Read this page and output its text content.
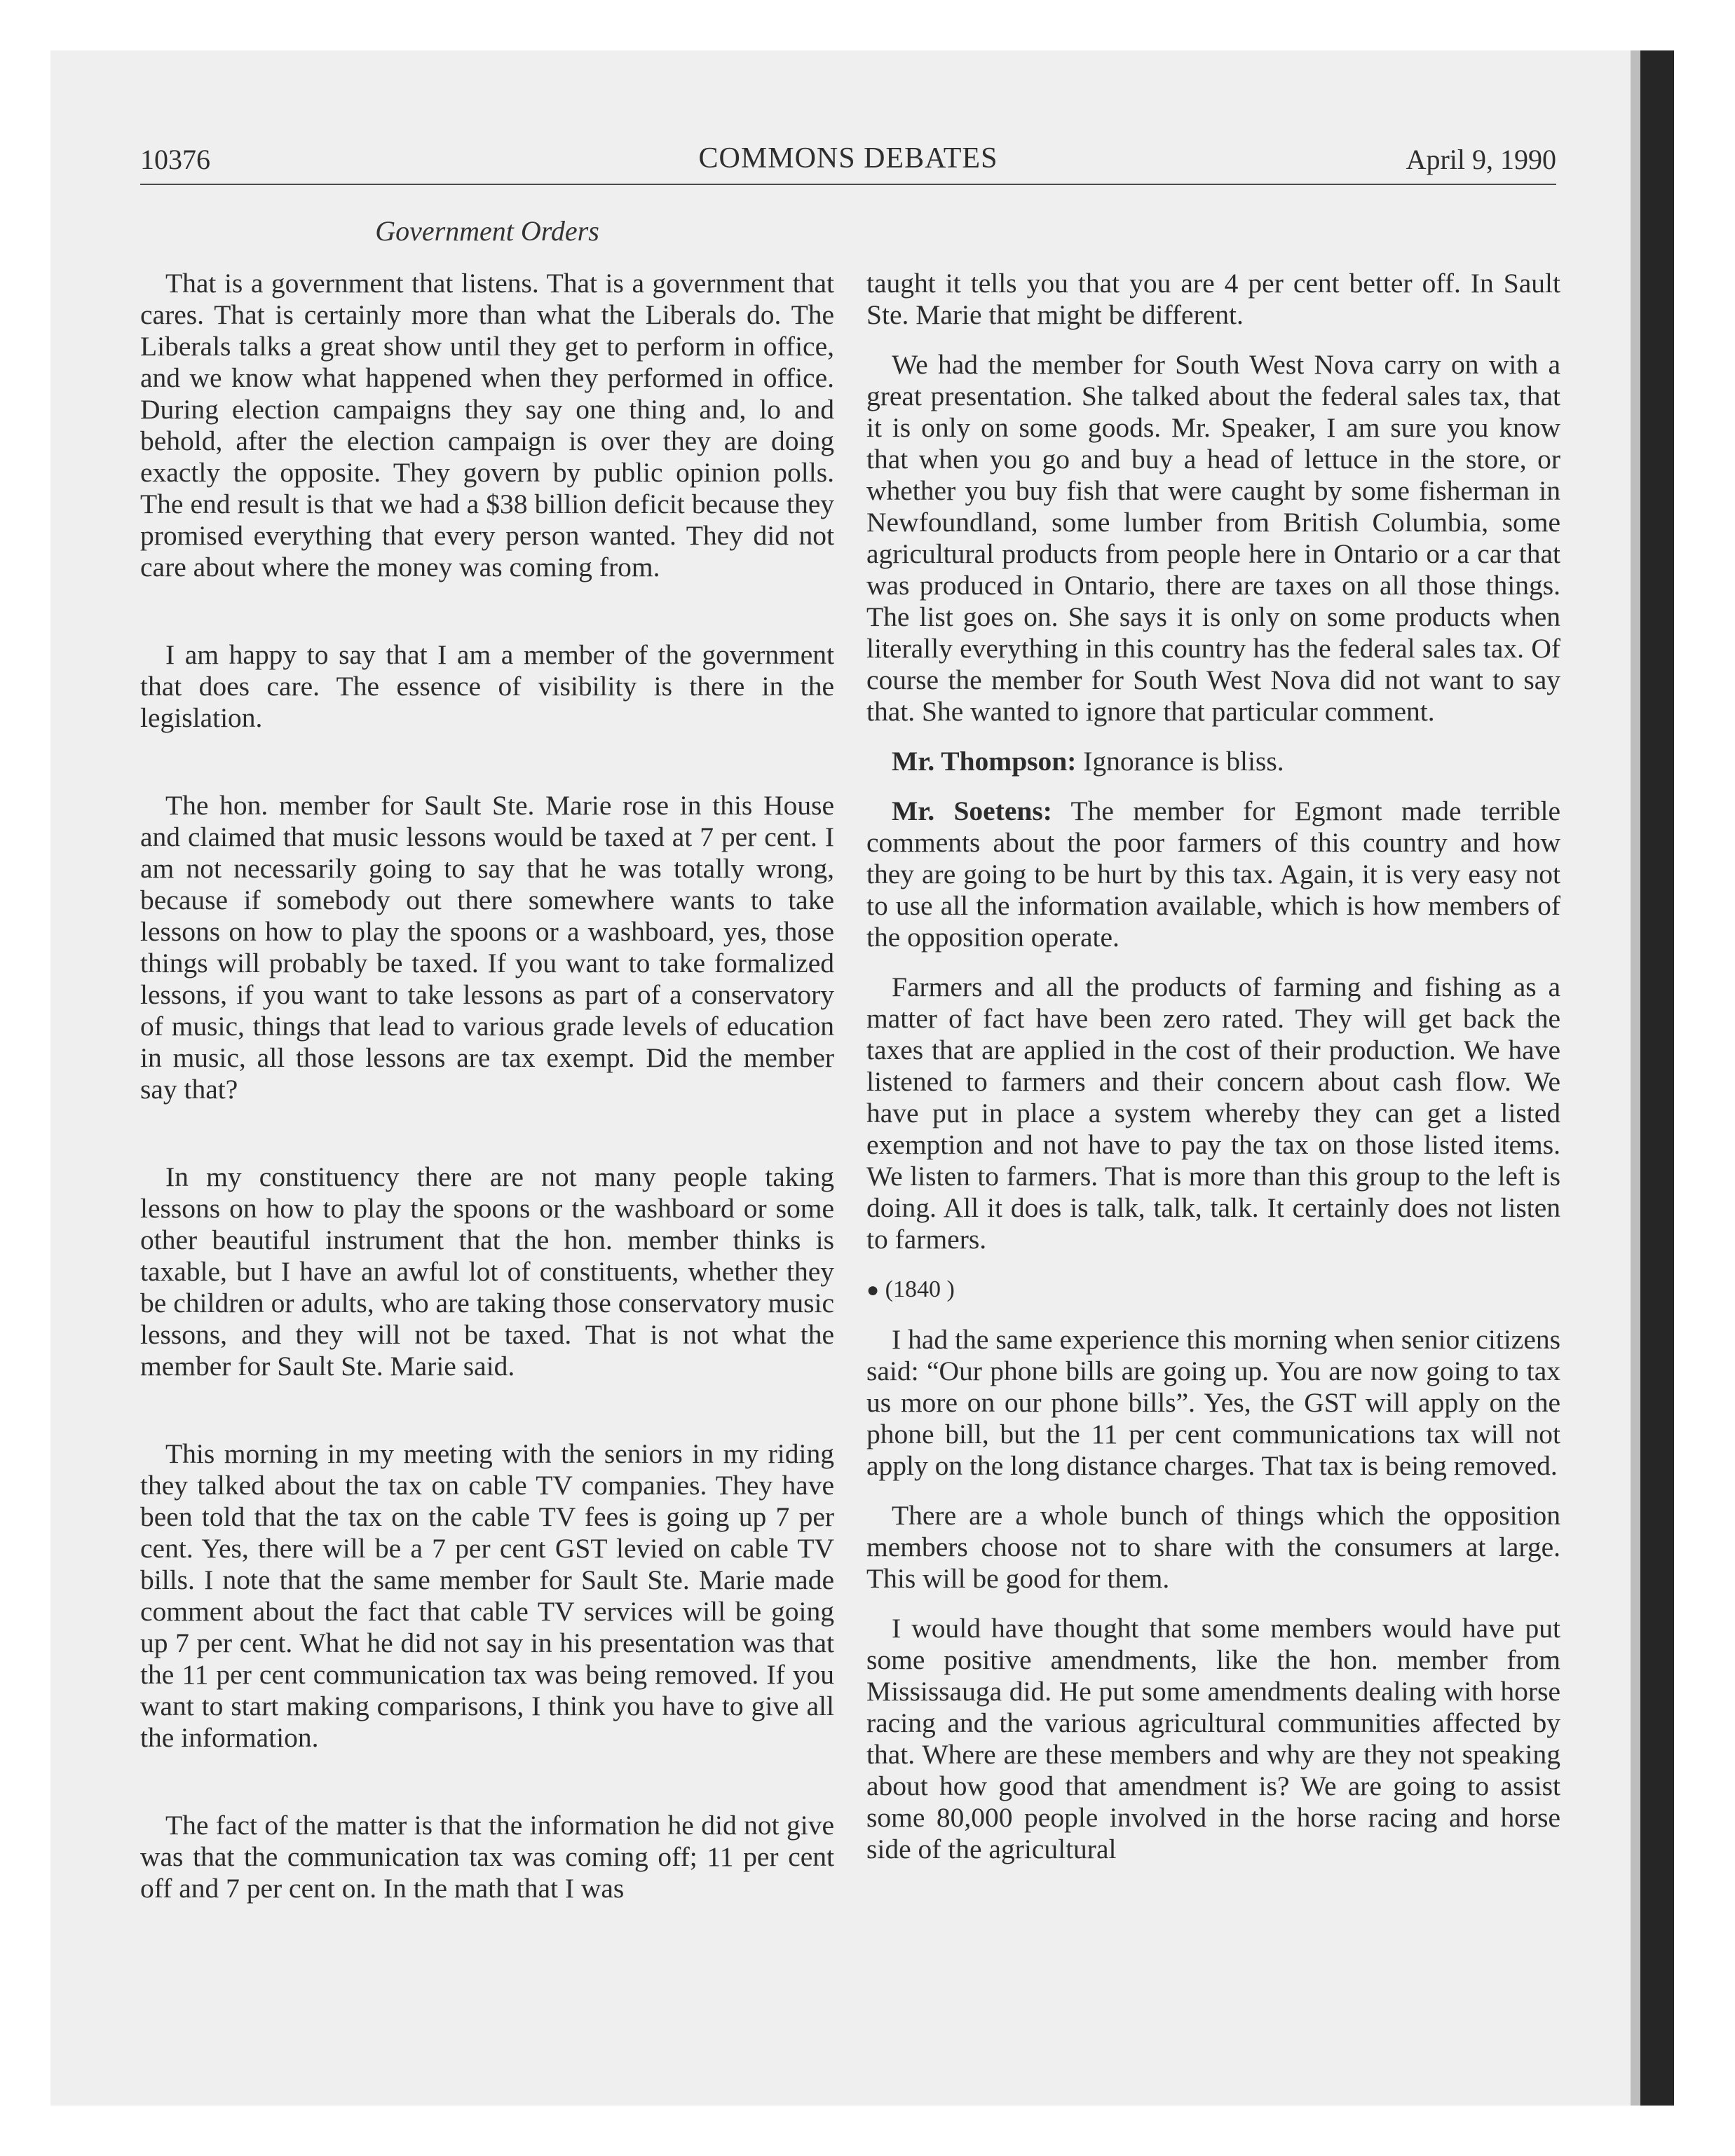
10376	COMMONS DEBATES	April 9, 1990
Government Orders

That is a government that listens. That is a government that cares. That is certainly more than what the Liberals do. The Liberals talks a great show until they get to perform in office, and we know what happened when they performed in office. During election campaigns they say one thing and, lo and behold, after the election campaign is over they are doing exactly the opposite. They govern by public opinion polls. The end result is that we had a $38 billion deficit because they promised everything that every person wanted. They did not care about where the money was coming from.

I am happy to say that I am a member of the government that does care. The essence of visibility is there in the legislation.

The hon. member for Sault Ste. Marie rose in this House and claimed that music lessons would be taxed at 7 per cent. I am not necessarily going to say that he was totally wrong, because if somebody out there somewhere wants to take lessons on how to play the spoons or a washboard, yes, those things will probably be taxed. If you want to take formalized lessons, if you want to take lessons as part of a conservatory of music, things that lead to various grade levels of education in music, all those lessons are tax exempt. Did the member say that?

In my constituency there are not many people taking lessons on how to play the spoons or the washboard or some other beautiful instrument that the hon. member thinks is taxable, but I have an awful lot of constituents, whether they be children or adults, who are taking those conservatory music lessons, and they will not be taxed. That is not what the member for Sault Ste. Marie said.

This morning in my meeting with the seniors in my riding they talked about the tax on cable TV companies. They have been told that the tax on the cable TV fees is going up 7 per cent. Yes, there will be a 7 per cent GST levied on cable TV bills. I note that the same member for Sault Ste. Marie made comment about the fact that cable TV services will be going up 7 per cent. What he did not say in his presentation was that the 11 per cent communication tax was being removed. If you want to start making comparisons, I think you have to give all the information.

The fact of the matter is that the information he did not give was that the communication tax was coming off; 11 per cent off and 7 per cent on. In the math that I was

taught it tells you that you are 4 per cent better off. In Sault Ste. Marie that might be different.

We had the member for South West Nova carry on with a great presentation. She talked about the federal sales tax, that it is only on some goods. Mr. Speaker, I am sure you know that when you go and buy a head of lettuce in the store, or whether you buy fish that were caught by some fisherman in Newfoundland, some lumber from British Columbia, some agricultural products from people here in Ontario or a car that was produced in Ontario, there are taxes on all those things. The list goes on. She says it is only on some products when literally everything in this country has the federal sales tax. Of course the member for South West Nova did not want to say that. She wanted to ignore that particular comment.

Mr. Thompson: Ignorance is bliss.

Mr. Soetens: The member for Egmont made terrible comments about the poor farmers of this country and how they are going to be hurt by this tax. Again, it is very easy not to use all the information available, which is how members of the opposition operate.

Farmers and all the products of farming and fishing as a matter of fact have been zero rated. They will get back the taxes that are applied in the cost of their production. We have listened to farmers and their concern about cash flow. We have put in place a system whereby they can get a listed exemption and not have to pay the tax on those listed items. We listen to farmers. That is more than this group to the left is doing. All it does is talk, talk, talk. It certainly does not listen to farmers.

● (1840 )

I had the same experience this morning when senior citizens said: “Our phone bills are going up. You are now going to tax us more on our phone bills”. Yes, the GST will apply on the phone bill, but the 11 per cent communications tax will not apply on the long distance charges. That tax is being removed.

There are a whole bunch of things which the opposition members choose not to share with the consumers at large. This will be good for them.

I would have thought that some members would have put some positive amendments, like the hon. member from Mississauga did. He put some amendments dealing with horse racing and the various agricultural communities affected by that. Where are these members and why are they not speaking about how good that amendment is? We are going to assist some 80,000 people involved in the horse racing and horse side of the agricultural
